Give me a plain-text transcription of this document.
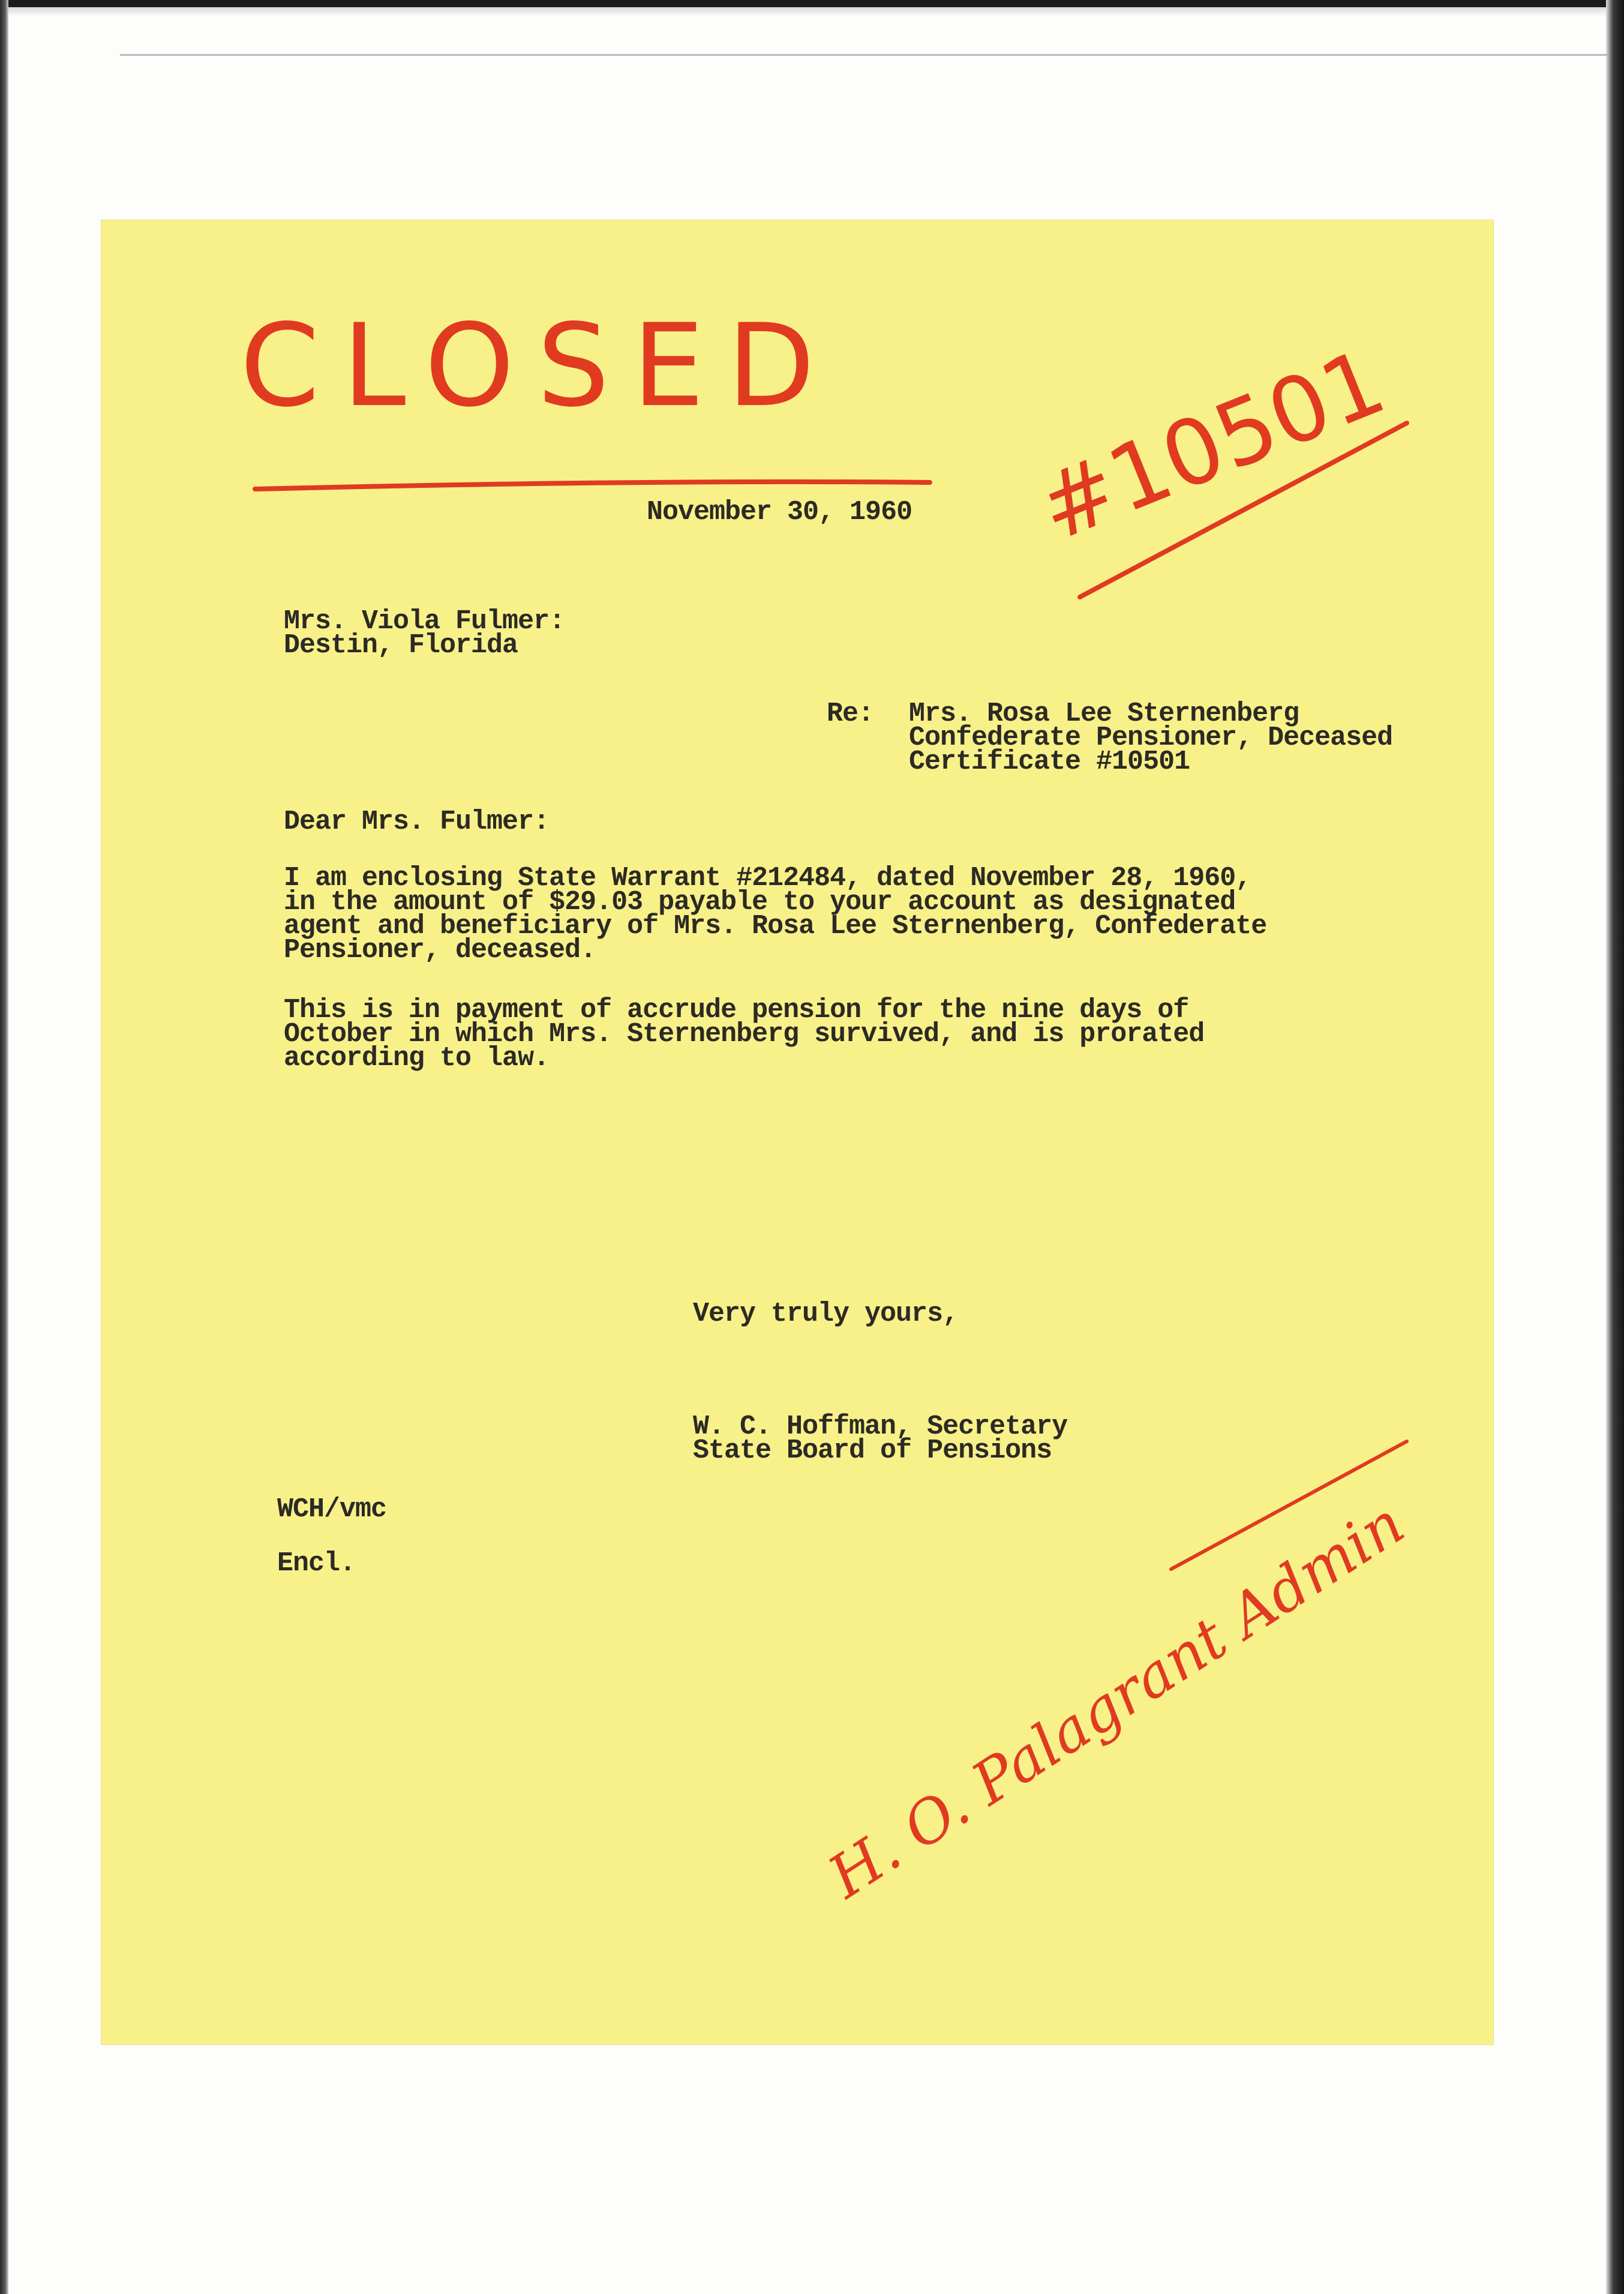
CLOSED #10501
November 30, 1960
Mrs. Viola Fulmer:
Destin, Florida
Re: Mrs. Rosa Lee Sternenberg
Confederate Pensioner, Deceased
Certificate #10501
Dear Mrs. Fulmer:
I am enclosing State Warrant #212484, dated November 28, 1960,
in the amount of $29.03 payable to your account as designated
agent and beneficiary of Mrs. Rosa Lee Sternenberg, Confederate
Pensioner, deceased.
This is in payment of accrude pension for the nine days of
October in which Mrs. Sternenberg survived, and is prorated
according to law.
Very truly yours,
W. C. Hoffman, Secretary
State Board of Pensions
WCH/vmc
Encl.	H. O. Palagrant Admin
